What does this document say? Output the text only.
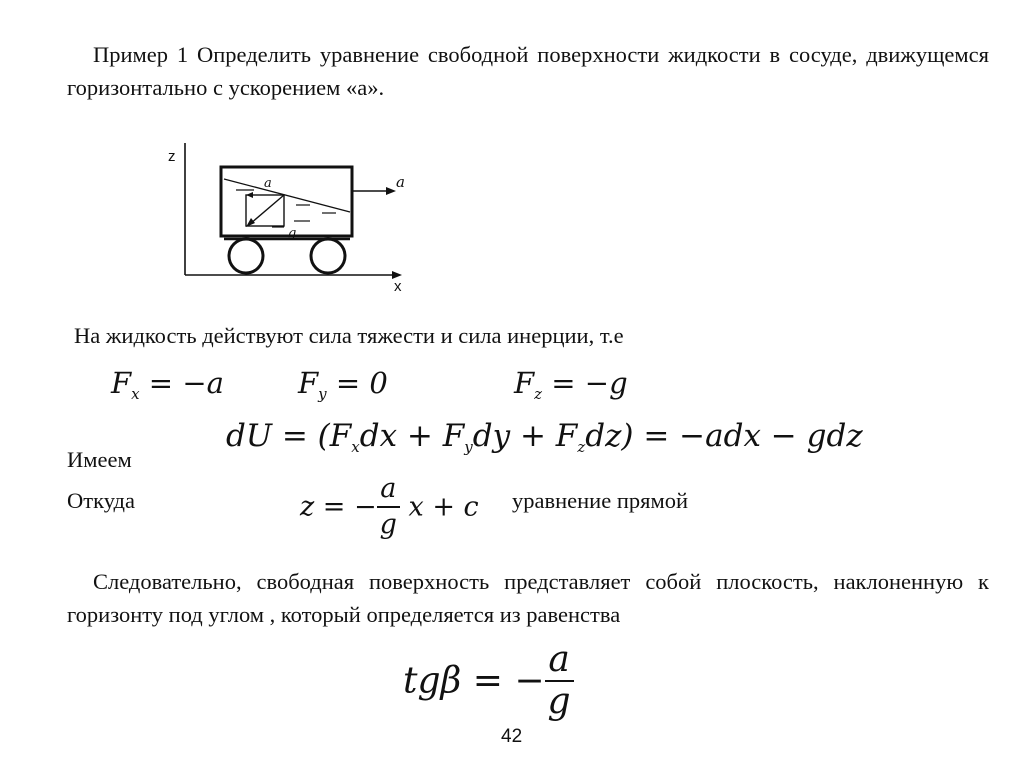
Пример 1 Определить уравнение свободной поверхности жидкости в сосуде, движущемся горизонтально с ускорением «а».
z
x
a
g
a
На жидкость действуют сила тяжести и сила инерции, т.е
$F_x = -a$	$F_y = 0$	$F_z = -g$
dU = $(F_xdx + F_ydy + F_zdz) = -adx$ − gdz
Имеем
Откуда	z = − $\frac{a}{g}$ x + c уравнение прямой
Следовательно, свободная поверхность представляет собой плоскость, наклоненную к горизонту под углом , который определяется из равенства
tgβ = − $\frac{a}{g}$
42
